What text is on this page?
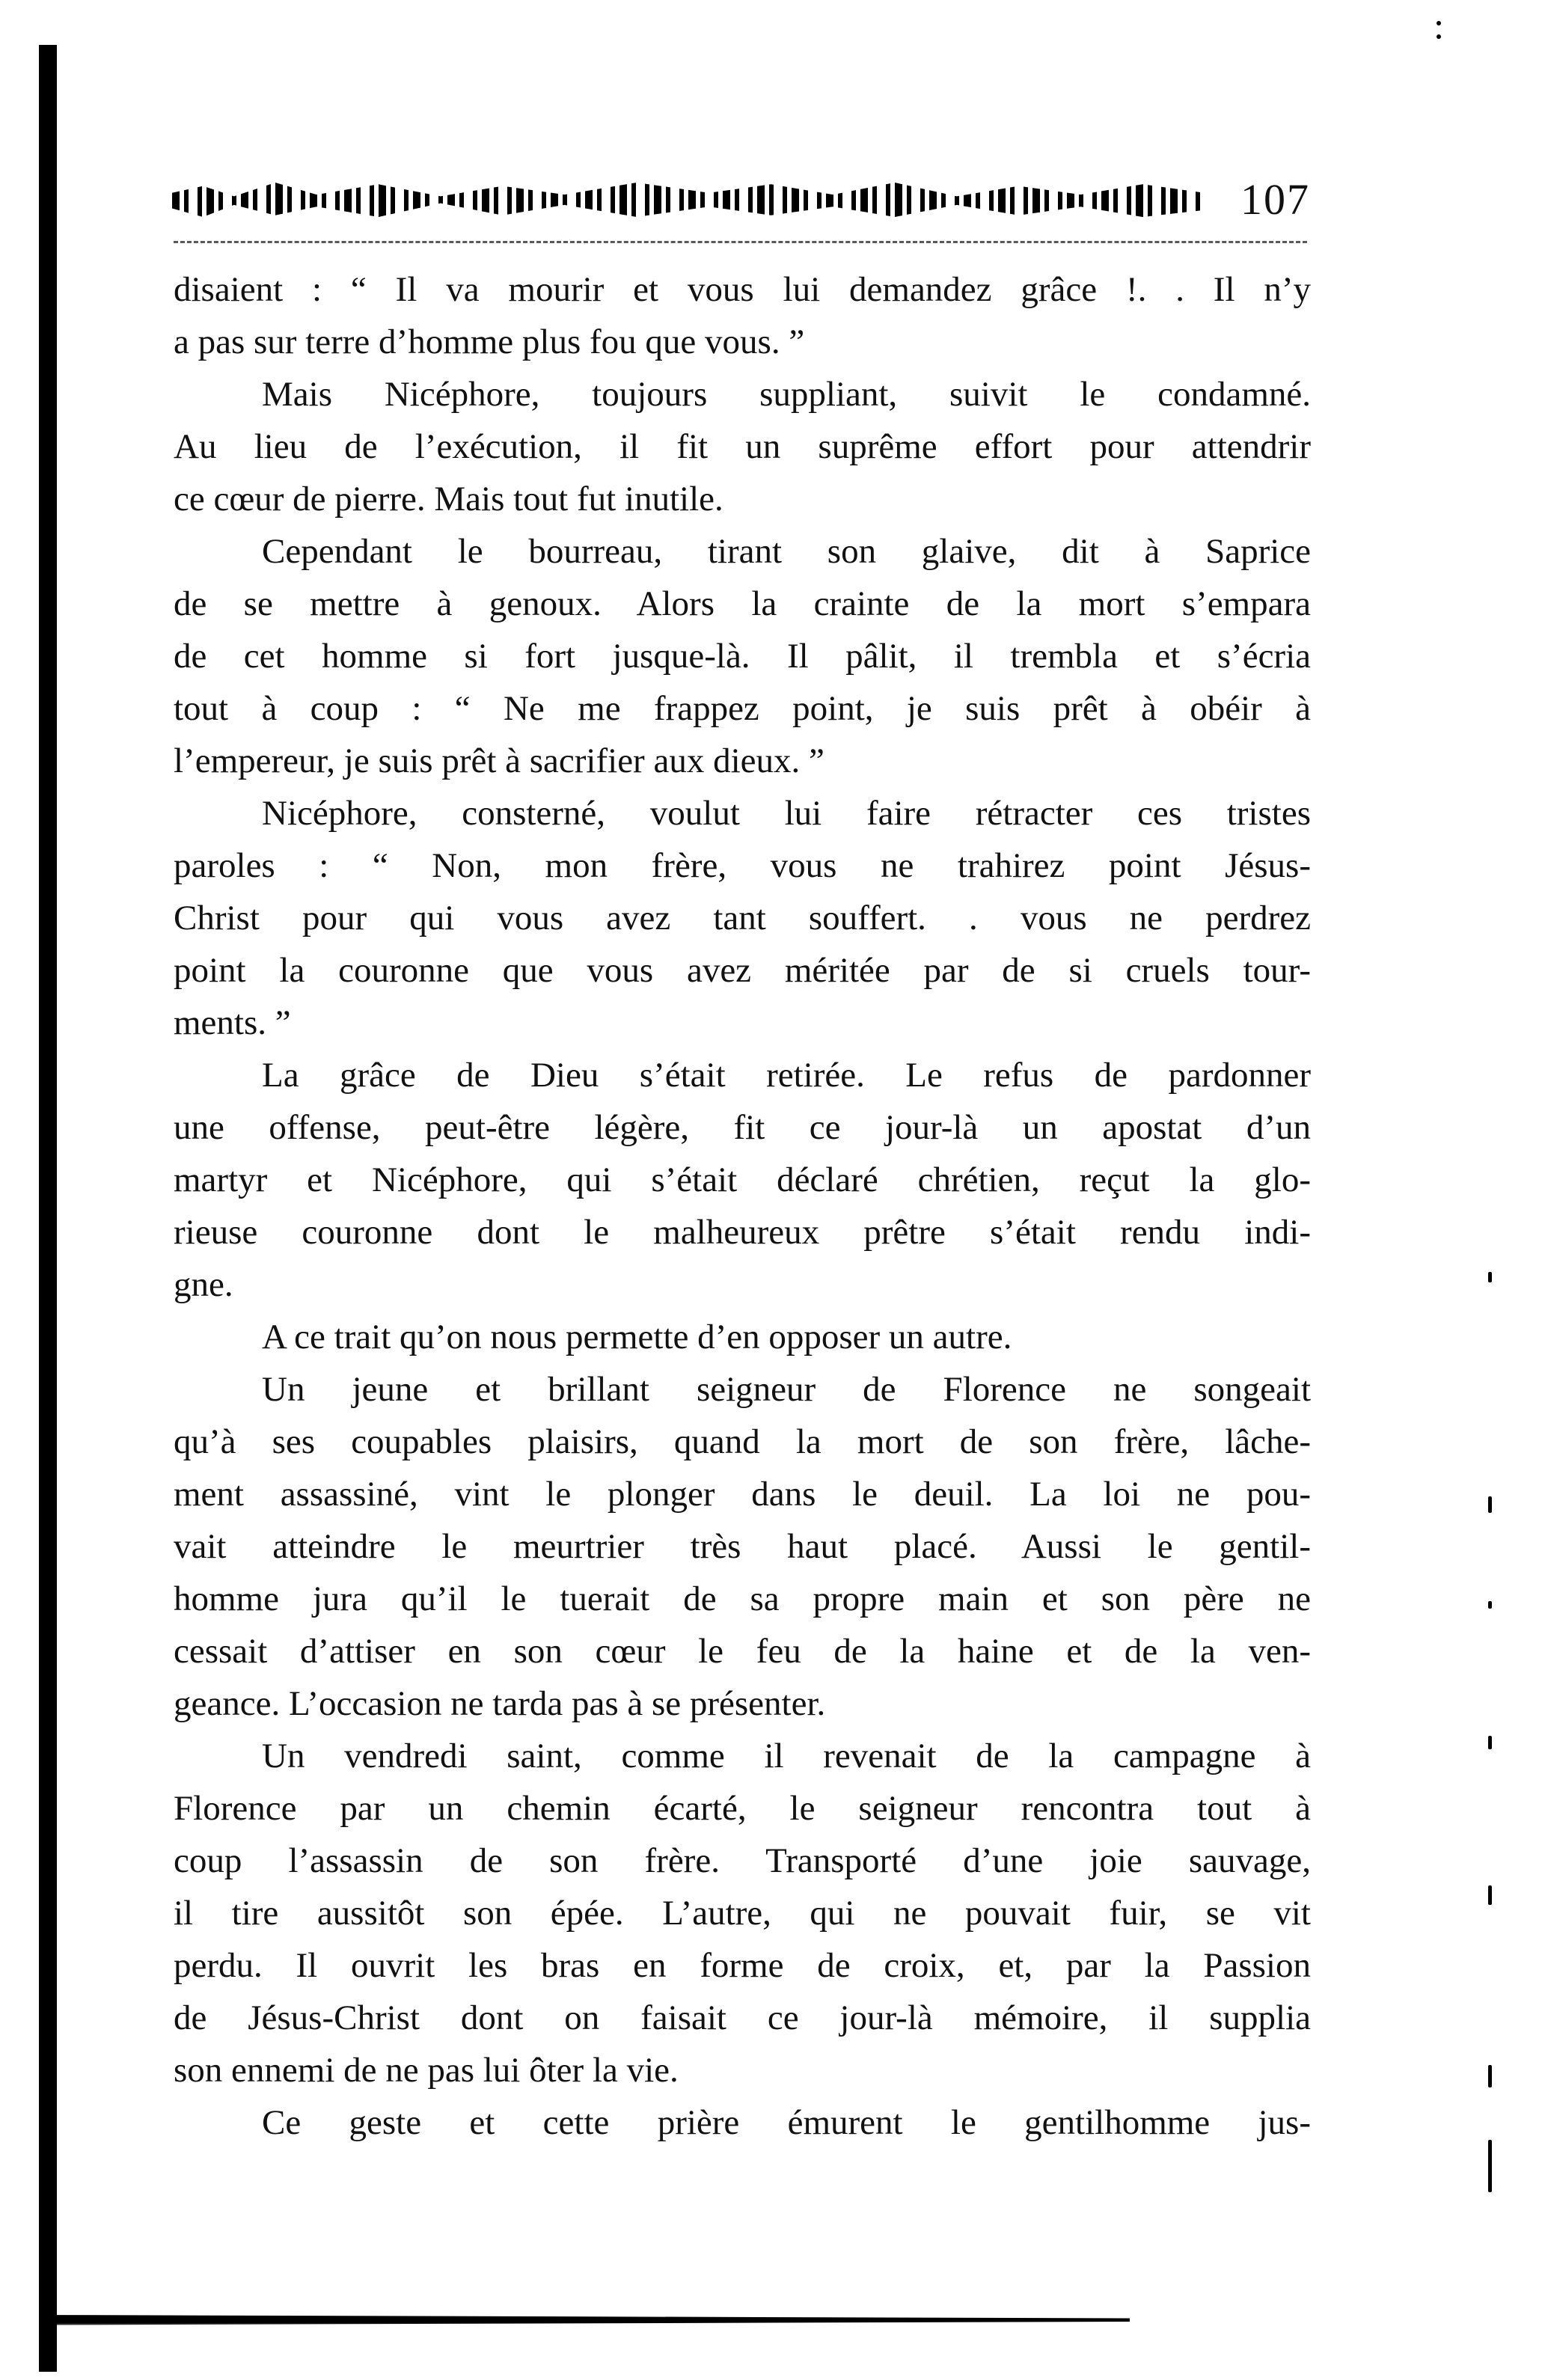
107
disaient : “ Il va mourir et vous lui demandez grâce !. . Il n’y
a pas sur terre d’homme plus fou que vous. ”
Mais Nicéphore, toujours suppliant, suivit le condamné.
Au lieu de l’exécution, il fit un suprême effort pour attendrir
ce cœur de pierre. Mais tout fut inutile.
Cependant le bourreau, tirant son glaive, dit à Saprice
de se mettre à genoux. Alors la crainte de la mort s’empara
de cet homme si fort jusque-là. Il pâlit, il trembla et s’écria
tout à coup : “ Ne me frappez point, je suis prêt à obéir à
l’empereur, je suis prêt à sacrifier aux dieux. ”
Nicéphore, consterné, voulut lui faire rétracter ces tristes
paroles : “ Non, mon frère, vous ne trahirez point Jésus-
Christ pour qui vous avez tant souffert. . vous ne perdrez
point la couronne que vous avez méritée par de si cruels tour-
ments. ”
La grâce de Dieu s’était retirée. Le refus de pardonner
une offense, peut-être légère, fit ce jour-là un apostat d’un
martyr et Nicéphore, qui s’était déclaré chrétien, reçut la glo-
rieuse couronne dont le malheureux prêtre s’était rendu indi-
gne.
A ce trait qu’on nous permette d’en opposer un autre.
Un jeune et brillant seigneur de Florence ne songeait
qu’à ses coupables plaisirs, quand la mort de son frère, lâche-
ment assassiné, vint le plonger dans le deuil. La loi ne pou-
vait atteindre le meurtrier très haut placé. Aussi le gentil-
homme jura qu’il le tuerait de sa propre main et son père ne
cessait d’attiser en son cœur le feu de la haine et de la ven-
geance. L’occasion ne tarda pas à se présenter.
Un vendredi saint, comme il revenait de la campagne à
Florence par un chemin écarté, le seigneur rencontra tout à
coup l’assassin de son frère. Transporté d’une joie sauvage,
il tire aussitôt son épée. L’autre, qui ne pouvait fuir, se vit
perdu. Il ouvrit les bras en forme de croix, et, par la Passion
de Jésus-Christ dont on faisait ce jour-là mémoire, il supplia
son ennemi de ne pas lui ôter la vie.
Ce geste et cette prière émurent le gentilhomme jus-
